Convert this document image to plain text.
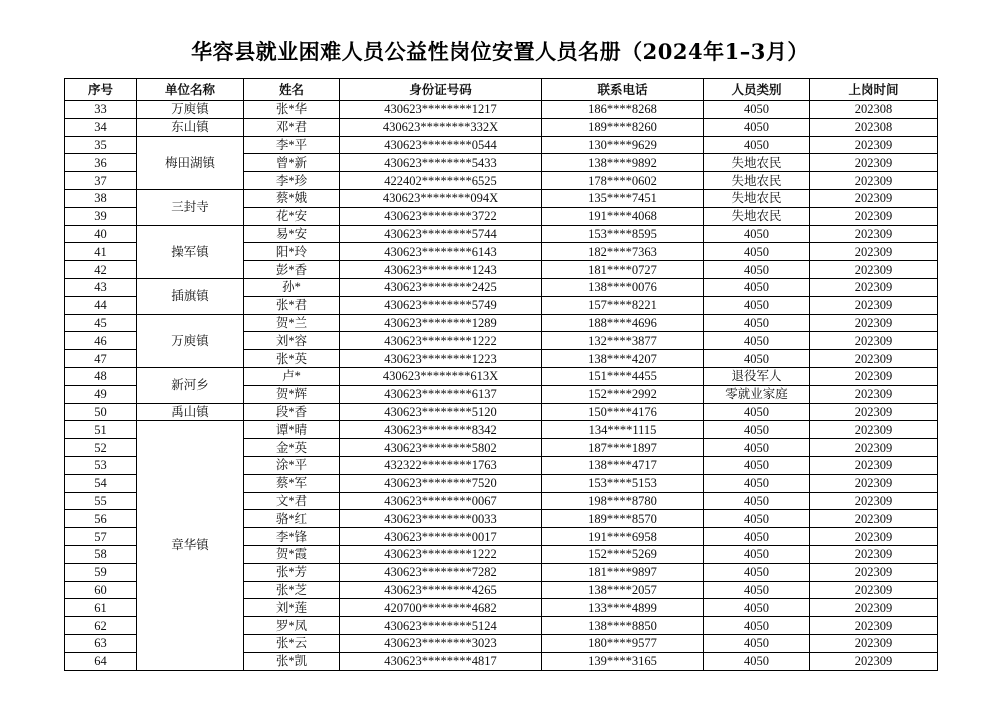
华容县就业困难人员公益性岗位安置人员名册（2024年1–3月）
序号	单位名称	姓名	身份证号码	联系电话	人员类别	上岗时间
33	万庾镇	张*华	430623********1217	186****8268	4050	202308
34	东山镇	邓*君	430623********332X	189****8260	4050	202308
35	梅田湖镇	李*平	430623********0544	130****9629	4050	202309
36		曾*新	430623********5433	138****9892	失地农民	202309
37		李*珍	422402********6525	178****0602	失地农民	202309
38	三封寺	蔡*娥	430623********094X	135****7451	失地农民	202309
39		花*安	430623********3722	191****4068	失地农民	202309
40	操军镇	易*安	430623********5744	153****8595	4050	202309
41		阳*玲	430623********6143	182****7363	4050	202309
42		彭*香	430623********1243	181****0727	4050	202309
43	插旗镇	孙*	430623********2425	138****0076	4050	202309
44		张*君	430623********5749	157****8221	4050	202309
45	万庾镇	贺*兰	430623********1289	188****4696	4050	202309
46		刘*容	430623********1222	132****3877	4050	202309
47		张*英	430623********1223	138****4207	4050	202309
48	新河乡	卢*	430623********613X	151****4455	退役军人	202309
49		贺*辉	430623********6137	152****2992	零就业家庭	202309
50	禹山镇	段*香	430623********5120	150****4176	4050	202309
51	章华镇	谭*晴	430623********8342	134****1115	4050	202309
52		金*英	430623********5802	187****1897	4050	202309
53		涂*平	432322********1763	138****4717	4050	202309
54		蔡*军	430623********7520	153****5153	4050	202309
55		文*君	430623********0067	198****8780	4050	202309
56		骆*红	430623********0033	189****8570	4050	202309
57		李*锋	430623********0017	191****6958	4050	202309
58		贺*霞	430623********1222	152****5269	4050	202309
59		张*芳	430623********7282	181****9897	4050	202309
60		张*芝	430623********4265	138****2057	4050	202309
61		刘*莲	420700********4682	133****4899	4050	202309
62		罗*凤	430623********5124	138****8850	4050	202309
63		张*云	430623********3023	180****9577	4050	202309
64		张*凯	430623********4817	139****3165	4050	202309
